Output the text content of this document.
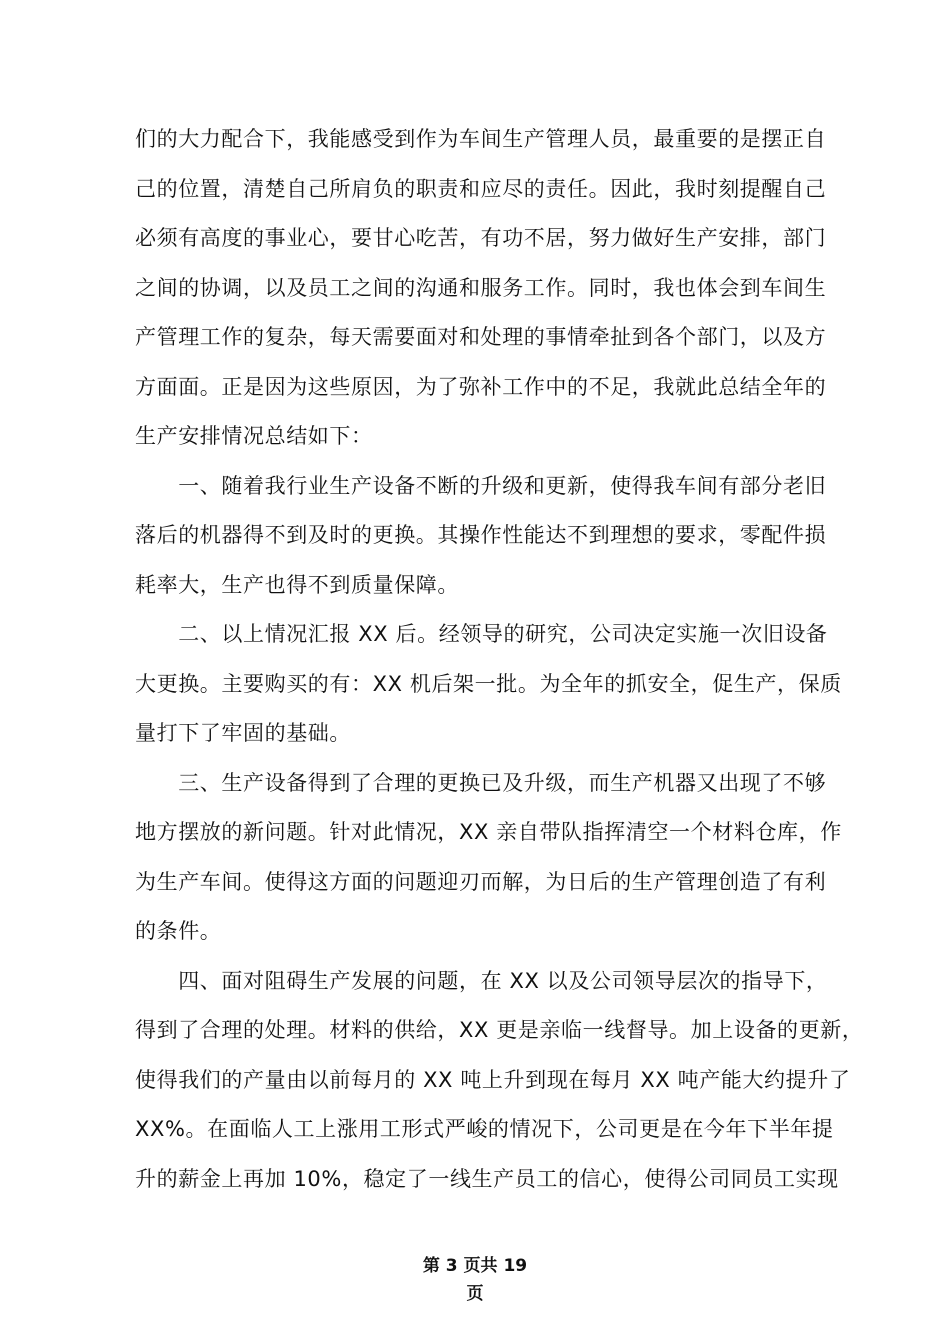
们的大力配合下，我能感受到作为车间生产管理人员，最重要的是摆正自
己的位置，清楚自己所肩负的职责和应尽的责任。因此，我时刻提醒自己
必须有高度的事业心，要甘心吃苦，有功不居，努力做好生产安排，部门
之间的协调，以及员工之间的沟通和服务工作。同时，我也体会到车间生
产管理工作的复杂，每天需要面对和处理的事情牵扯到各个部门，以及方
方面面。正是因为这些原因，为了弥补工作中的不足，我就此总结全年的
生产安排情况总结如下：
　　一、随着我行业生产设备不断的升级和更新，使得我车间有部分老旧
落后的机器得不到及时的更换。其操作性能达不到理想的要求，零配件损
耗率大，生产也得不到质量保障。
　　二、以上情况汇报 XX 后。经领导的研究，公司决定实施一次旧设备
大更换。主要购买的有：XX 机后架一批。为全年的抓安全，促生产，保质
量打下了牢固的基础。
　　三、生产设备得到了合理的更换已及升级，而生产机器又出现了不够
地方摆放的新问题。针对此情况，XX 亲自带队指挥清空一个材料仓库，作
为生产车间。使得这方面的问题迎刃而解，为日后的生产管理创造了有利
的条件。
　　四、面对阻碍生产发展的问题，在 XX 以及公司领导层次的指导下，
得到了合理的处理。材料的供给，XX 更是亲临一线督导。加上设备的更新，
使得我们的产量由以前每月的 XX 吨上升到现在每月 XX 吨产能大约提升了
XX%。在面临人工上涨用工形式严峻的情况下，公司更是在今年下半年提
升的薪金上再加 10%，稳定了一线生产员工的信心，使得公司同员工实现
第 3 页共 19
页
